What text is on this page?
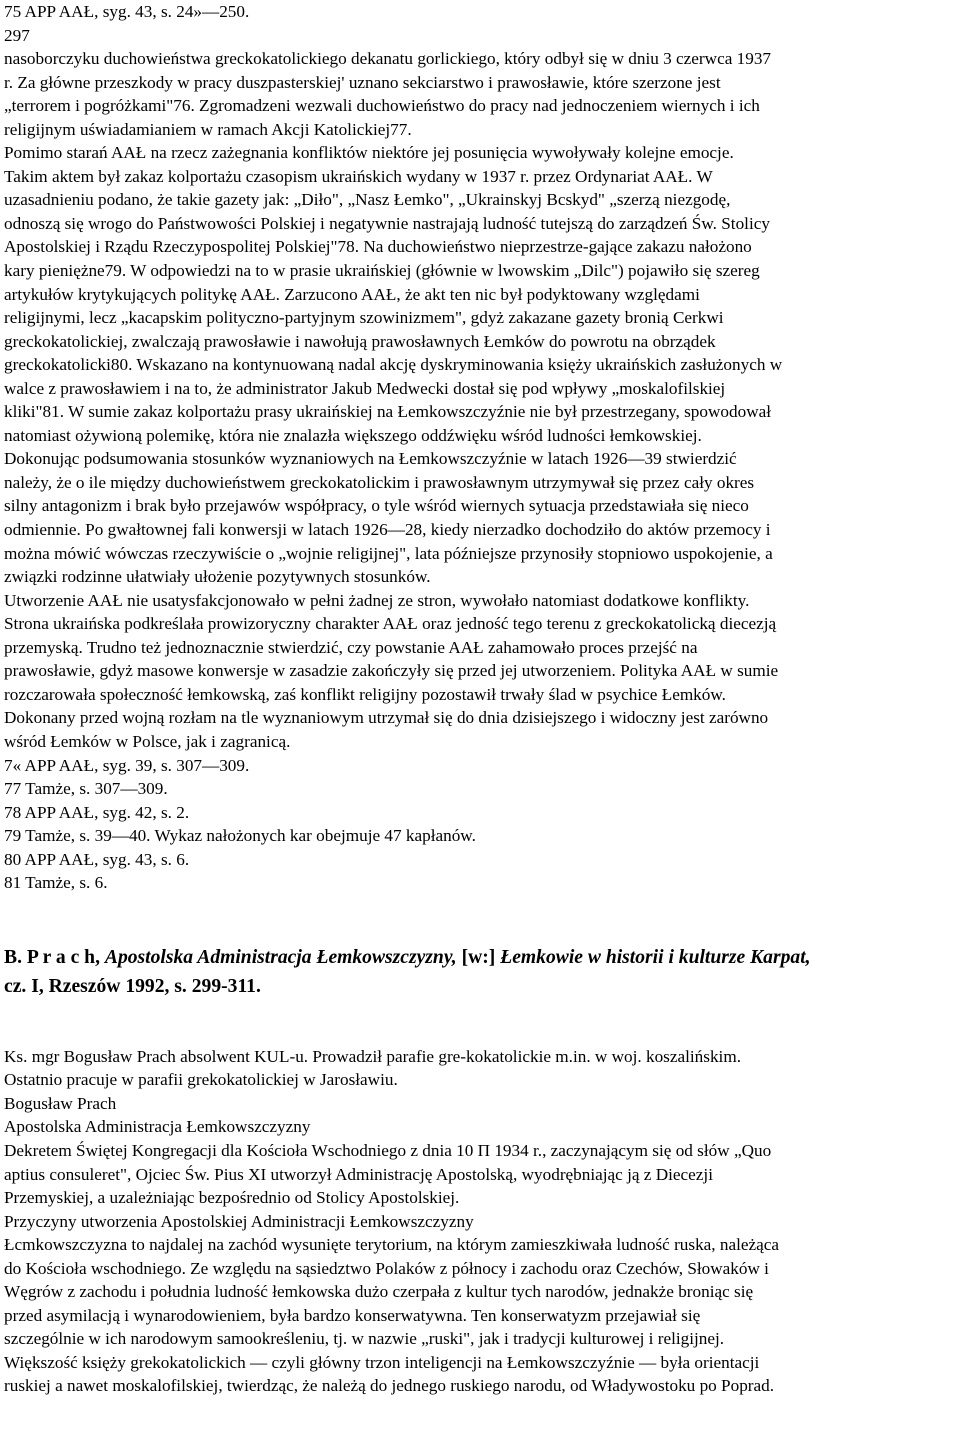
75 APP AAŁ, syg. 43, s. 24»—250.
297
nasoborczyku duchowieństwa greckokatolickiego dekanatu gorlickiego, który odbył się w dniu 3 czerwca 1937
r. Za główne przeszkody w pracy duszpasterskiej' uznano sekciarstwo i prawosławie, które szerzone jest
„terrorem i pogróżkami"76. Zgromadzeni wezwali duchowieństwo do pracy nad jednoczeniem wiernych i ich
religijnym uświadamianiem w ramach Akcji Katolickiej77.
Pomimo starań AAŁ na rzecz zażegnania konfliktów niektóre jej posunięcia wywoływały kolejne emocje.
Takim aktem był zakaz kolportażu czasopism ukraińskich wydany w 1937 r. przez Ordynariat AAŁ. W
uzasadnieniu podano, że takie gazety jak: „Diło", „Nasz Łemko", „Ukrainskyj Bcskyd" „szerzą niezgodę,
odnoszą się wrogo do Państwowości Polskiej i negatywnie nastrajają ludność tutejszą do zarządzeń Św. Stolicy
Apostolskiej i Rządu Rzeczypospolitej Polskiej"78. Na duchowieństwo nieprzestrze-gające zakazu nałożono
kary pieniężne79. W odpowiedzi na to w prasie ukraińskiej (głównie w lwowskim „Dilc") pojawiło się szereg
artykułów krytykujących politykę AAŁ. Zarzucono AAŁ, że akt ten nic był podyktowany względami
religijnymi, lecz „kacapskim polityczno-partyjnym szowinizmem", gdyż zakazane gazety bronią Cerkwi
greckokatolickiej, zwalczają prawosławie i nawołują prawosławnych Łemków do powrotu na obrządek
greckokatolicki80. Wskazano na kontynuowaną nadal akcję dyskryminowania księży ukraińskich zasłużonych w
walce z prawosławiem i na to, że administrator Jakub Medwecki dostał się pod wpływy „moskalofilskiej
kliki"81. W sumie zakaz kolportażu prasy ukraińskiej na Łemkowszczyźnie nie był przestrzegany, spowodował
natomiast ożywioną polemikę, która nie znalazła większego oddźwięku wśród ludności łemkowskiej.
Dokonując podsumowania stosunków wyznaniowych na Łemkowszczyźnie w latach 1926—39 stwierdzić
należy, że o ile między duchowieństwem greckokatolickim i prawosławnym utrzymywał się przez cały okres
silny antagonizm i brak było przejawów współpracy, o tyle wśród wiernych sytuacja przedstawiała się nieco
odmiennie. Po gwałtownej fali konwersji w latach 1926—28, kiedy nierzadko dochodziło do aktów przemocy i
można mówić wówczas rzeczywiście o „wojnie religijnej", lata późniejsze przynosiły stopniowo uspokojenie, a
związki rodzinne ułatwiały ułożenie pozytywnych stosunków.
Utworzenie AAŁ nie usatysfakcjonowało w pełni żadnej ze stron, wywołało natomiast dodatkowe konflikty.
Strona ukraińska podkreślała prowizoryczny charakter AAŁ oraz jedność tego terenu z greckokatolicką diecezją
przemyską. Trudno też jednoznacznie stwierdzić, czy powstanie AAŁ zahamowało proces przejść na
prawosławie, gdyż masowe konwersje w zasadzie zakończyły się przed jej utworzeniem. Polityka AAŁ w sumie
rozczarowała społeczność łemkowską, zaś konflikt religijny pozostawił trwały ślad w psychice Łemków.
Dokonany przed wojną rozłam na tle wyznaniowym utrzymał się do dnia dzisiejszego i widoczny jest zarówno
wśród Łemków w Polsce, jak i zagranicą.
7« APP AAŁ, syg. 39, s. 307—309.
77 Tamże, s. 307—309.
78 APP AAŁ, syg. 42, s. 2.
79 Tamże, s. 39—40. Wykaz nałożonych kar obejmuje 47 kapłanów.
80 APP AAŁ, syg. 43, s. 6.
81 Tamże, s. 6.
B. P r a c h, Apostolska Administracja Łemkowszczyzny, [w:] Łemkowie w historii i kulturze Karpat,
cz. I, Rzeszów 1992, s. 299-311.
Ks. mgr Bogusław Prach absolwent KUL-u. Prowadził parafie gre-kokatolickie m.in. w woj. koszalińskim.
Ostatnio pracuje w parafii grekokatolickiej w Jarosławiu.
Bogusław Prach
Apostolska Administracja Łemkowszczyzny
Dekretem Świętej Kongregacji dla Kościoła Wschodniego z dnia 10 П 1934 r., zaczynającym się od słów „Quo
aptius consuleret", Ojciec Św. Pius XI utworzył Administrację Apostolską, wyodrębniając ją z Diecezji
Przemyskiej, a uzależniając bezpośrednio od Stolicy Apostolskiej.
Przyczyny utworzenia Apostolskiej Administracji Łemkowszczyzny
Łcmkowszczyzna to najdalej na zachód wysunięte terytorium, na którym zamieszkiwała ludność ruska, należąca
do Kościoła wschodniego. Ze względu na sąsiedztwo Polaków z północy i zachodu oraz Czechów, Słowaków i
Węgrów z zachodu i południa ludność łemkowska dużo czerpała z kultur tych narodów, jednakże broniąc się
przed asymilacją i wynarodowieniem, była bardzo konserwatywna. Ten konserwatyzm przejawiał się
szczególnie w ich narodowym samookreśleniu, tj. w nazwie „ruski", jak i tradycji kulturowej i religijnej.
Większość księży grekokatolickich — czyli główny trzon inteligencji na Łemkowszczyźnie — była orientacji
ruskiej a nawet moskalofilskiej, twierdząc, że należą do jednego ruskiego narodu, od Władywostoku po Poprad.
